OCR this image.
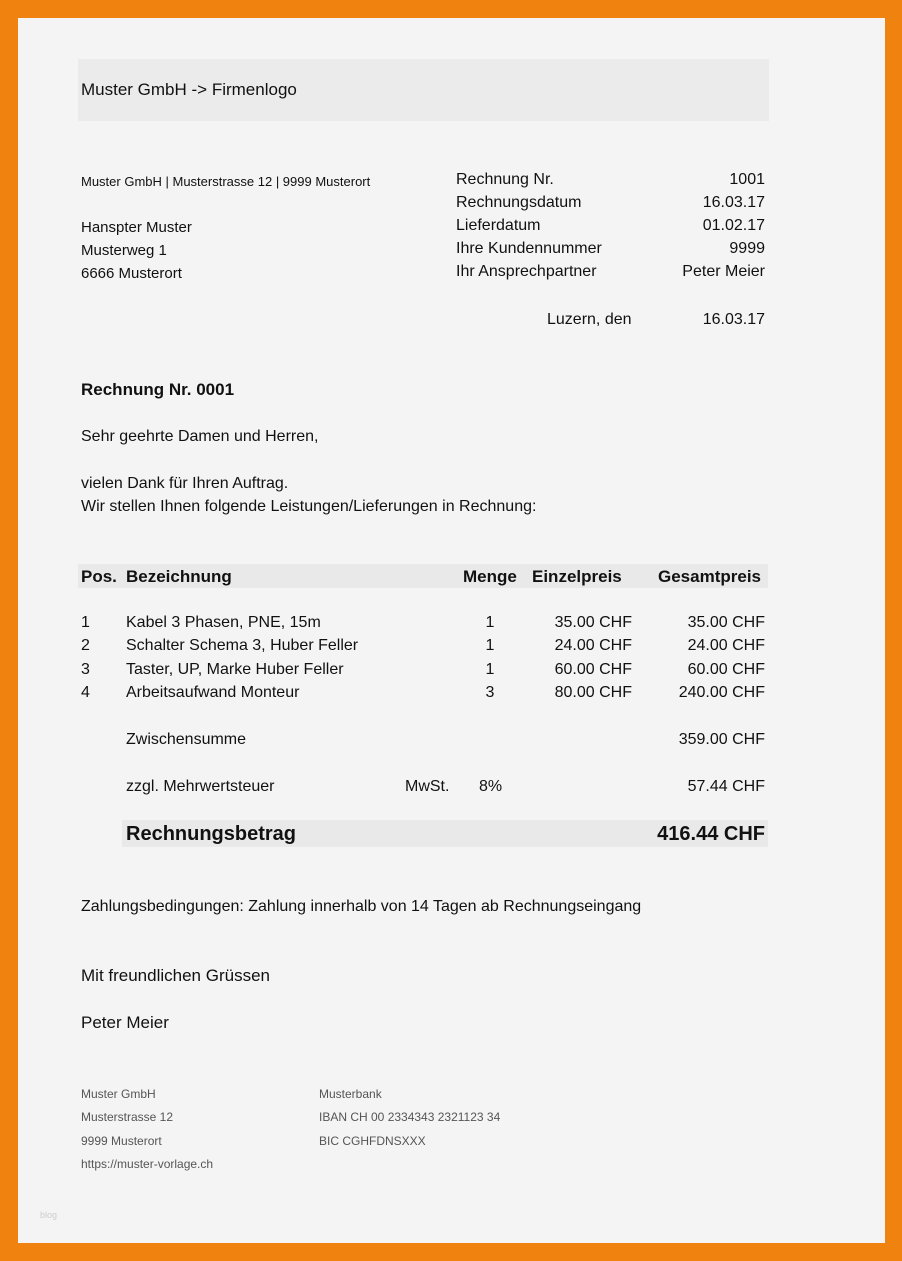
Muster GmbH -> Firmenlogo
Muster GmbH | Musterstrasse 12 | 9999 Musterort
Hanspter Muster
Musterweg 1
6666 Musterort
Rechnung Nr.	1001
Rechnungsdatum	16.03.17
Lieferdatum	01.02.17
Ihre Kundennummer	9999
Ihr Ansprechpartner	Peter Meier
Luzern, den	16.03.17
Rechnung Nr. 0001
Sehr geehrte Damen und Herren,
vielen Dank für Ihren Auftrag.
Wir stellen Ihnen folgende Leistungen/Lieferungen in Rechnung:
Pos. Bezeichnung	Menge Einzelpreis Gesamtpreis
1 Kabel 3 Phasen, PNE, 15m	1	35.00 CHF	35.00 CHF
2 Schalter Schema 3, Huber Feller	1	24.00 CHF	24.00 CHF
3 Taster, UP, Marke Huber Feller	1	60.00 CHF	60.00 CHF
4 Arbeitsaufwand Monteur	3	80.00 CHF	240.00 CHF
Zwischensumme	359.00 CHF
zzgl. Mehrwertsteuer	MwSt. 8%	57.44 CHF
Rechnungsbetrag	416.44 CHF
Zahlungsbedingungen: Zahlung innerhalb von 14 Tagen ab Rechnungseingang
Mit freundlichen Grüssen
Peter Meier
Muster GmbH
Musterstrasse 12
9999 Musterort
https://muster-vorlage.ch
Musterbank
IBAN CH 00 2334343 2321123 34
BIC CGHFDNSXXX
blog
